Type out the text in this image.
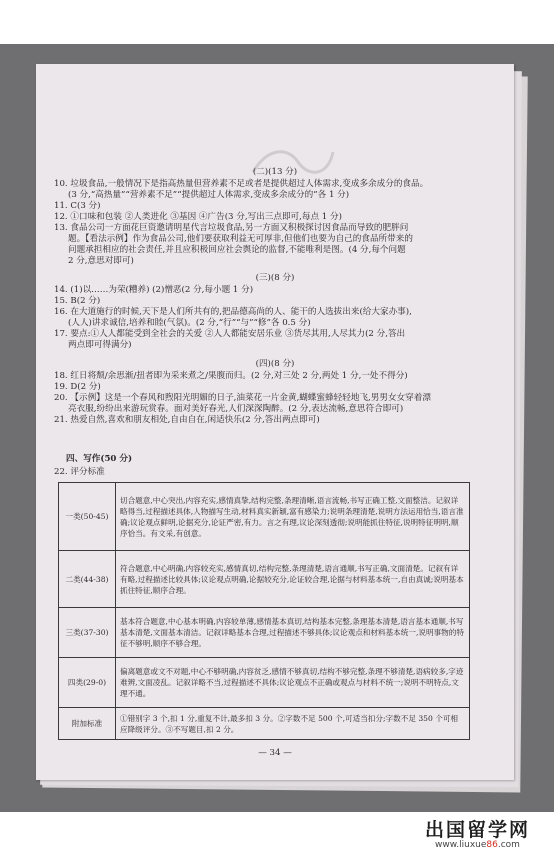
(二)(13 分)
10. 垃圾食品,一般情况下是指高热量但营养素不足或者是提供超过人体需求,变成多余成分的食品。
(3 分,“高热量”“营养素不足”“提供超过人体需求,变成多余成分的”各 1 分)
11. C(3 分)
12. ①口味和包装 ②人类进化 ③基因 ④广告(3 分,写出三点即可,每点 1 分)
13. 食品公司一方面花巨资邀请明星代言垃圾食品,另一方面又积极探讨因食品而导致的肥胖问
题。【看法示例】作为食品公司,他们要获取利益无可厚非,但他们也要为自己的食品所带来的
问题承担相应的社会责任,并且应积极回应社会舆论的监督,不能唯利是图。(4 分,每个问题
2 分,意思对即可)
(三)(8 分)
14. (1)以……为荣(糟养) (2)憎恶(2 分,每小题 1 分)
15. B(2 分)
16. 在大道施行的时候,天下是人们所共有的,把品德高尚的人、能干的人选拔出来(给大家办事),
(人人)讲求诚信,培养和睦(气氛)。(2 分,“行”“与”“修”各 0.5 分)
17. 要点:①人人都能受到全社会的关爱 ②人人都能安居乐业 ③货尽其用,人尽其力(2 分,答出
两点即可得满分)
(四)(8 分)
18. 红日将颓/余思渐/扭者即为采来煮之/果腹而归。(2 分,对三处 2 分,两处 1 分,一处不得分)
19. D(2 分)
20. 【示例】这是一个春风和煦阳光明媚的日子,油菜花一片金黄,蝴蝶蜜蜂轻轻地飞,男男女女穿着漂
亮衣服,纷纷出来游玩赏春。面对美好春光,人们深深陶醉。(2 分,表达流畅,意思符合即可)
21. 热爱自然,喜欢和朋友相处,自由自在,闲适快乐(2 分,答出两点即可)
四、写作(50 分)
22. 评分标准
一类(50-45)	切合题意,中心突出,内容充实,感情真挚,结构完整,条理清晰,语言流畅,书写正确工整,文面整洁。记叙详略得当,过程描述具体,人物描写生动,材料真实新颖,富有感染力;说明条理清楚,说明方法运用恰当,语言准确;议论观点鲜明,论据充分,论证严密,有力。言之有理,议论深刻透彻;说明能抓住特征,说明特征明明,顺序恰当。有文采,有创意。
二类(44-38)	符合题意,中心明确,内容较充实,感情真切,结构完整,条理清楚,语言通顺,书写正确,文面清楚。记叙有详有略,过程描述比较具体;议论观点明确,论据较充分,论证较合理,论据与材料基本统一,自由真诚;说明基本抓住特征,顺序合理。
三类(37-30)	基本符合题意,中心基本明确,内容较单薄,感情基本真切,结构基本完整,条理基本清楚,语言基本通顺,书写基本清楚,文面基本清洁。记叙详略基本合理,过程描述不够具体;议论观点和材料基本统一,说明事物的特征不够明,顺序不够合理。
四类(29-0)	偏离题意或文不对题,中心不够明确,内容贫乏,感情不够真切,结构不够完整,条理不够清楚,语病较多,字迹难辨,文面凌乱。记叙详略不当,过程描述不具体;议论观点不正确或观点与材料不统一;说明不明特点,文理不通。
附加标准	①错别字 3 个,扣 1 分,重复不计,最多扣 3 分。②字数不足 500 个,可适当扣分;字数不足 350 个可相应降级评分。③不写题目,扣 2 分。
— 34 —
出国留学网
www.liuxue86.com
